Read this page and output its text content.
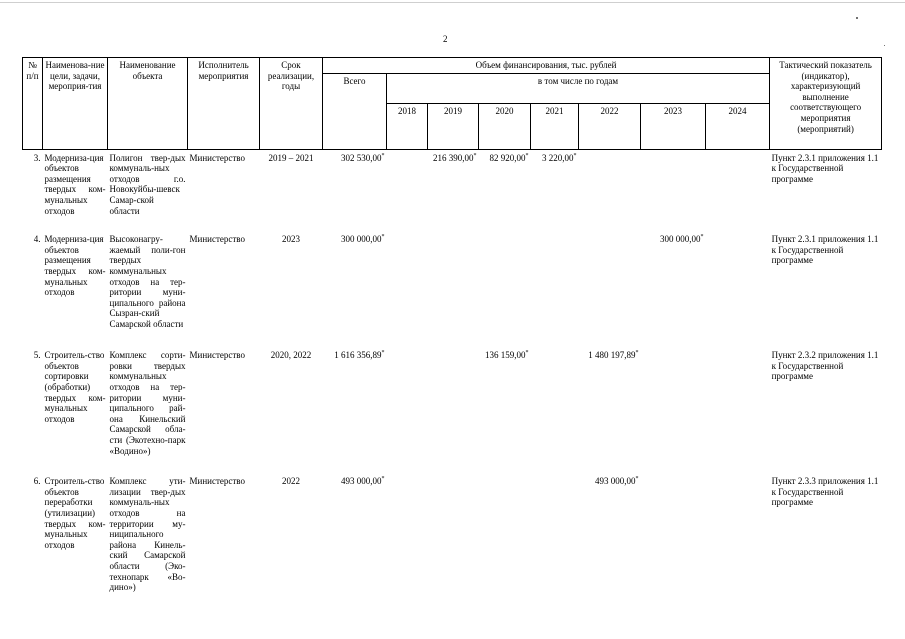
2
№ п/п	Наименова-ние цели, задачи, мероприя-тия	Наименование объекта	Исполнитель мероприятия	Срок реализации, годы	Объем финансирования, тыс. рублей								Тактический показатель (индикатор), характеризующий выполнение соответствующего мероприятия (мероприятий)
					Всего	в том числе по годам							
						2018	2019	2020	2021	2022	2023	2024	
3.	Модерниза-ция объектов размещения твердых ком-мунальных отходов	Полигон твер-дых коммуналь-ных отходов г.о. Новокуйбы-шевск Самар-ской области	Министерство	2019 – 2021	302 530,00*		216 390,00*	82 920,00*	3 220,00*				Пункт 2.3.1 приложения 1.1 к Государственной программе
4.	Модерниза-ция объектов размещения твердых ком-мунальных отходов	Высоконагру-жаемый поли-гон твердых коммунальных отходов на тер-ритории муни-ципального района Сызран-ский Самарской области	Министерство	2023	300 000,00*						300 000,00*		Пункт 2.3.1 приложения 1.1 к Государственной программе
5.	Строитель-ство объектов сортировки (обработки) твердых ком-мунальных отходов	Комплекс сорти-ровки твердых коммунальных отходов на тер-ритории муни-ципального рай-она Кинельский Самарской обла-сти (Экотехно-парк «Водино»)	Министерство	2020, 2022	1 616 356,89*			136 159,00*		1 480 197,89*			Пункт 2.3.2 приложения 1.1 к Государственной программе
6.	Строитель-ство объектов переработки (утилизации) твердых ком-мунальных отходов	Комплекс ути-лизации твер-дых коммуналь-ных отходов на территории му-ниципального района Кинель-ский Самарской области (Эко-технопарк «Во-дино»)	Министерство	2022	493 000,00*					493 000,00*			Пункт 2.3.3 приложения 1.1 к Государственной программе
